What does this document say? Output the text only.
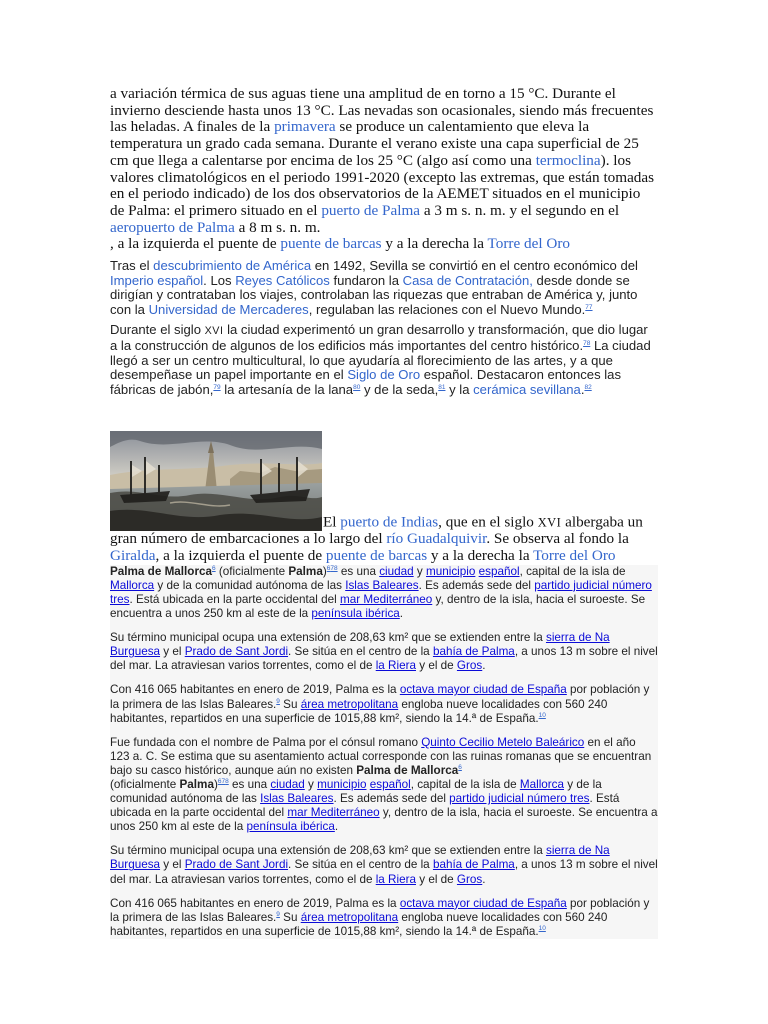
a variación térmica de sus aguas tiene una amplitud de en torno a 15 °C. Durante el invierno desciende hasta unos 13 °C. Las nevadas son ocasionales, siendo más frecuentes las heladas. A finales de la primavera se produce un calentamiento que eleva la temperatura un grado cada semana. Durante el verano existe una capa superficial de 25 cm que llega a calentarse por encima de los 25 °C (algo así como una termoclina). los valores climatológicos en el periodo 1991-2020 (excepto las extremas, que están tomadas en el periodo indicado) de los dos observatorios de la AEMET situados en el municipio de Palma: el primero situado en el puerto de Palma a 3 m s. n. m. y el segundo en el aeropuerto de Palma a 8 m s. n. m.

, a la izquierda el puente de puente de barcas y a la derecha la Torre del Oro

Tras el descubrimiento de América en 1492, Sevilla se convirtió en el centro económico del Imperio español. Los Reyes Católicos fundaron la Casa de Contratación, desde donde se dirigían y contrataban los viajes, controlaban las riquezas que entraban de América y, junto con la Universidad de Mercaderes, regulaban las relaciones con el Nuevo Mundo.$^{77}$

Durante el siglo XVI la ciudad experimentó un gran desarrollo y transformación, que dio lugar a la construcción de algunos de los edificios más importantes del centro histórico.$^{78}$ La ciudad llegó a ser un centro multicultural, lo que ayudaría al florecimiento de las artes, y a que desempeñase un papel importante en el Siglo de Oro español. Destacaron entonces las fábricas de jabón,$^{79}$ la artesanía de la lana$^{80}$ y de la seda,$^{81}$ y la cerámica sevillana.$^{82}$

El puerto de Indias, que en el siglo XVI albergaba un gran número de embarcaciones a lo largo del río Guadalquivir. Se observa al fondo la Giralda, a la izquierda el puente de puente de barcas y a la derecha la Torre del Oro

Palma de Mallorca$^6$ (oficialmente Palma)$^{678}$ es una ciudad y municipio español, capital de la isla de Mallorca y de la comunidad autónoma de las Islas Baleares. Es además sede del partido judicial número tres. Está ubicada en la parte occidental del mar Mediterráneo y, dentro de la isla, hacia el suroeste. Se encuentra a unos 250 km al este de la península ibérica.

Su término municipal ocupa una extensión de 208,63 km² que se extienden entre la sierra de Na Burguesa y el Prado de Sant Jordi. Se sitúa en el centro de la bahía de Palma, a unos 13 m sobre el nivel del mar. La atraviesan varios torrentes, como el de la Riera y el de Gros.

Con 416 065 habitantes en enero de 2019, Palma es la octava mayor ciudad de España por población y la primera de las Islas Baleares.$^9$ Su área metropolitana engloba nueve localidades con 560 240 habitantes, repartidos en una superficie de 1015,88 km², siendo la 14.ª de España.$^{10}$

Fue fundada con el nombre de Palma por el cónsul romano Quinto Cecilio Metelo Baleárico en el año 123 a. C. Se estima que su asentamiento actual corresponde con las ruinas romanas que se encuentran bajo su casco histórico, aunque aún no existen Palma de Mallorca$^6$
(oficialmente Palma)$^{678}$ es una ciudad y municipio español, capital de la isla de Mallorca y de la comunidad autónoma de las Islas Baleares. Es además sede del partido judicial número tres. Está ubicada en la parte occidental del mar Mediterráneo y, dentro de la isla, hacia el suroeste. Se encuentra a unos 250 km al este de la península ibérica.

Su término municipal ocupa una extensión de 208,63 km² que se extienden entre la sierra de Na Burguesa y el Prado de Sant Jordi. Se sitúa en el centro de la bahía de Palma, a unos 13 m sobre el nivel del mar. La atraviesan varios torrentes, como el de la Riera y el de Gros.

Con 416 065 habitantes en enero de 2019, Palma es la octava mayor ciudad de España por población y la primera de las Islas Baleares.$^9$ Su área metropolitana engloba nueve localidades con 560 240 habitantes, repartidos en una superficie de 1015,88 km², siendo la 14.ª de España.$^{10}$
